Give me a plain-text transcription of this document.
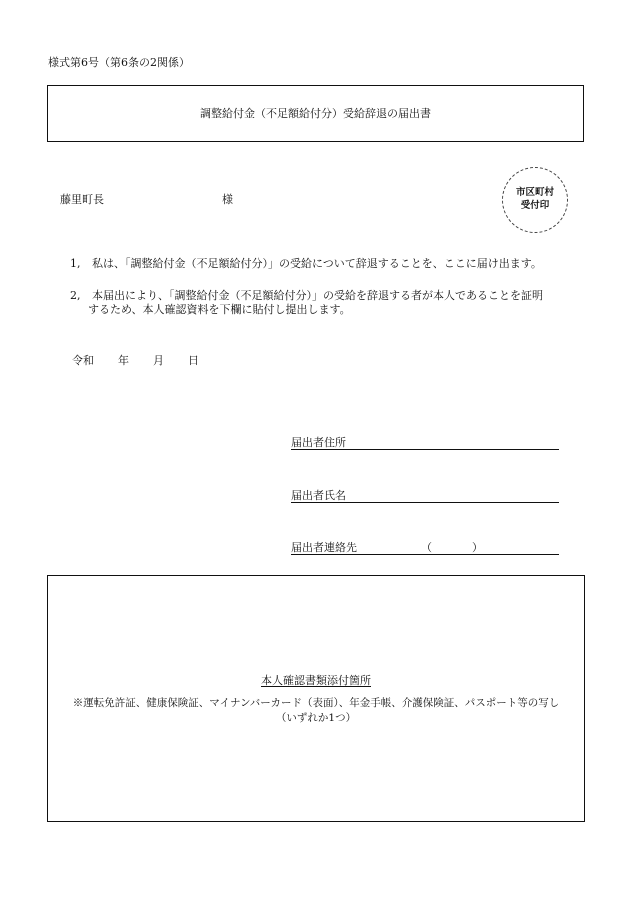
様式第6号（第6条の2関係）
調整給付金（不足額給付分）受給辞退の届出書
藤里町長	様
市区町村
受付印
1,	私は、「調整給付金（不足額給付分）」の受給について辞退することを、ここに届け出ます。
2,	本届出により、「調整給付金（不足額給付分）」の受給を辞退する者が本人であることを証明
するため、本人確認資料を下欄に貼付し提出します。
令和 年 月 日
届出者住所
届出者氏名
届出者連絡先	（	）
本人確認書類添付箇所
※運転免許証、健康保険証、マイナンバーカード（表面）、年金手帳、介護保険証、パスポート等の写し
（いずれか1つ）
